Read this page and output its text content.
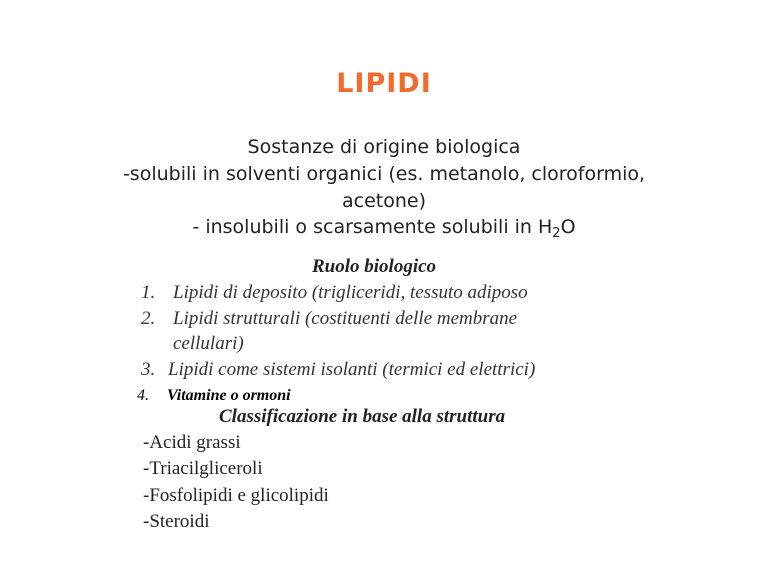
LIPIDI
Sostanze di origine biologica
-solubili in solventi organici (es. metanolo, cloroformio,
acetone)
- insolubili o scarsamente solubili in $H_2O$
Ruolo biologico
1. Lipidi di deposito (trigliceridi, tessuto adiposo
2. Lipidi strutturali (costituenti delle membrane
cellulari)
3. Lipidi come sistemi isolanti (termici ed elettrici)
4. Vitamine o ormoni
Classificazione in base alla struttura
-Acidi grassi
-Triacilgliceroli
-Fosfolipidi e glicolipidi
-Steroidi
